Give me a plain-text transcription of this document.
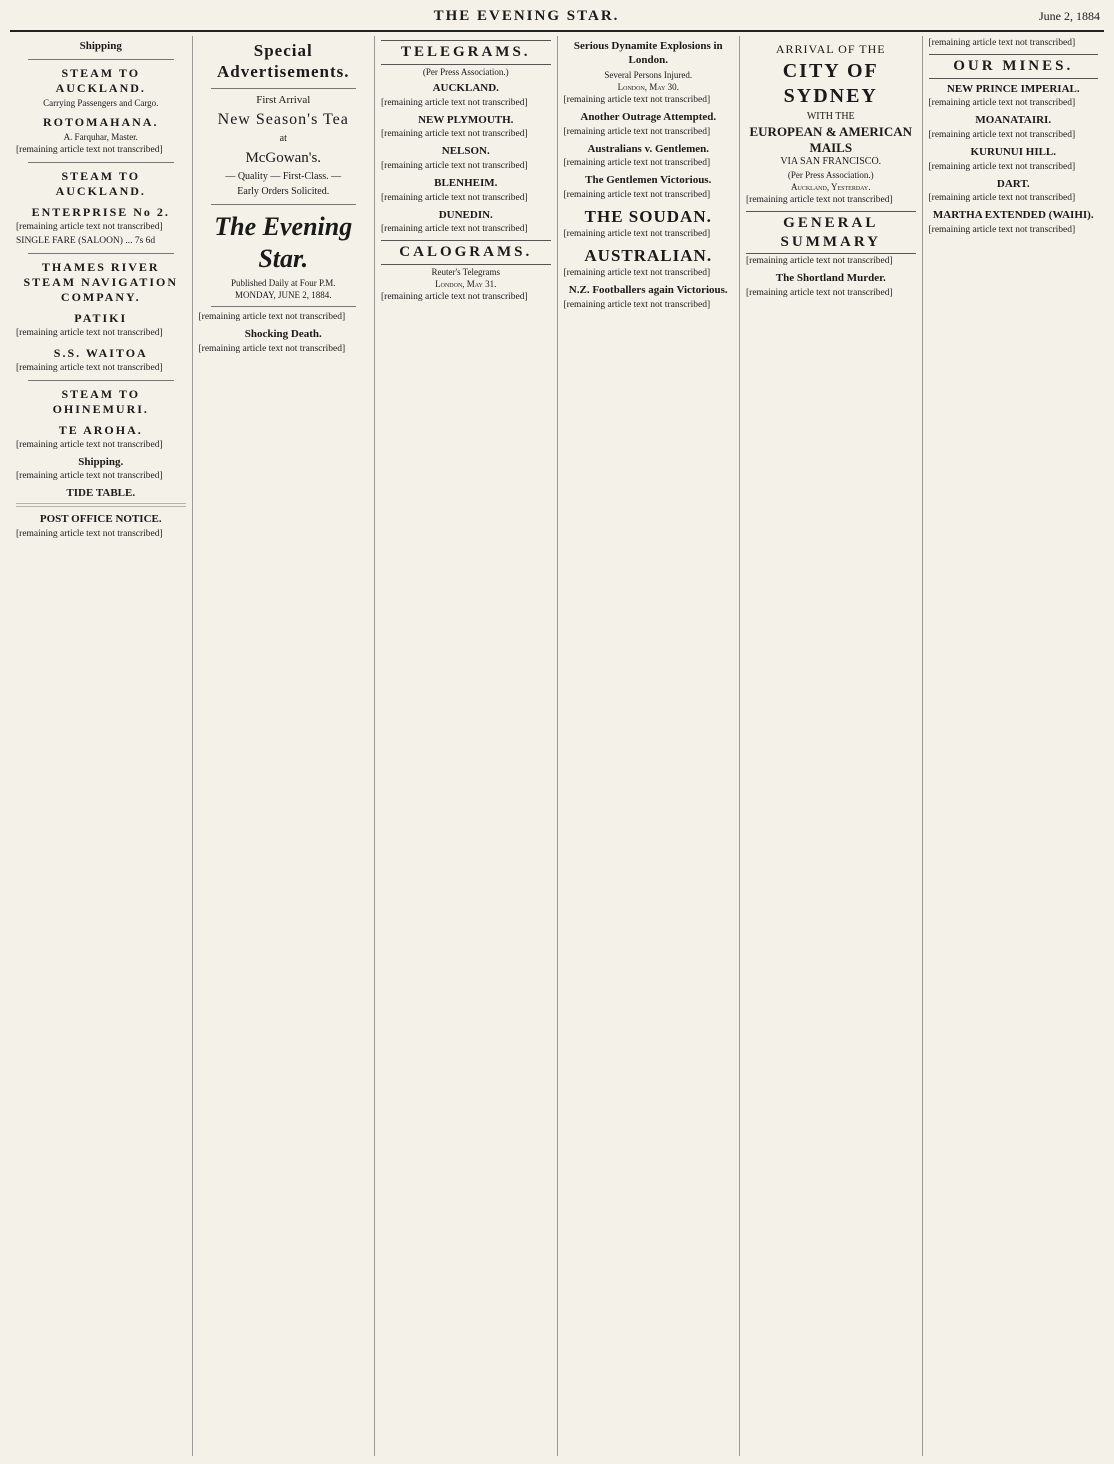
THE EVENING STAR.	June 2, 1884
Shipping
STEAM TO AUCKLAND.
Carrying Passengers and Cargo.
ROTOMAHANA.
A. Farquhar, Master.
[remaining article text not transcribed]
STEAM TO AUCKLAND.
ENTERPRISE No 2.
[remaining article text not transcribed]
SINGLE FARE (SALOON) ... 7s 6d
THAMES RIVER STEAM NAVIGATION COMPANY.
PATIKI
[remaining article text not transcribed]
S.S. WAITOA
[remaining article text not transcribed]
STEAM TO OHINEMURI.
TE AROHA.
[remaining article text not transcribed]
Shipping.
[remaining article text not transcribed]
TIDE TABLE.
POST OFFICE NOTICE.
[remaining article text not transcribed]
Special Advertisements.
First Arrival
New Season's Tea
at
McGowan's.
— Quality — First-Class. —
Early Orders Solicited.
The Evening Star.
Published Daily at Four P.M.
MONDAY, JUNE 2, 1884.
[remaining article text not transcribed]
Shocking Death.
[remaining article text not transcribed]
TELEGRAMS.
(Per Press Association.)
AUCKLAND.
[remaining article text not transcribed]
NEW PLYMOUTH.
[remaining article text not transcribed]
NELSON.
[remaining article text not transcribed]
BLENHEIM.
[remaining article text not transcribed]
DUNEDIN.
[remaining article text not transcribed]
CALOGRAMS.
Reuter's Telegrams
London, May 31.
[remaining article text not transcribed]
Serious Dynamite Explosions in London.
Several Persons Injured.
London, May 30.
[remaining article text not transcribed]
Another Outrage Attempted.
[remaining article text not transcribed]
Australians v. Gentlemen.
[remaining article text not transcribed]
The Gentlemen Victorious.
[remaining article text not transcribed]
THE SOUDAN.
[remaining article text not transcribed]
AUSTRALIAN.
[remaining article text not transcribed]
N.Z. Footballers again Victorious.
[remaining article text not transcribed]
ARRIVAL OF THE
CITY OF SYDNEY
WITH THE
EUROPEAN & AMERICAN MAILS
VIA SAN FRANCISCO.
(Per Press Association.)
Auckland, Yesterday.
[remaining article text not transcribed]
GENERAL SUMMARY
[remaining article text not transcribed]
The Shortland Murder.
[remaining article text not transcribed]
[remaining article text not transcribed]
OUR MINES.
NEW PRINCE IMPERIAL.
[remaining article text not transcribed]
MOANATAIRI.
[remaining article text not transcribed]
KURUNUI HILL.
[remaining article text not transcribed]
DART.
[remaining article text not transcribed]
MARTHA EXTENDED (WAIHI).
[remaining article text not transcribed]
